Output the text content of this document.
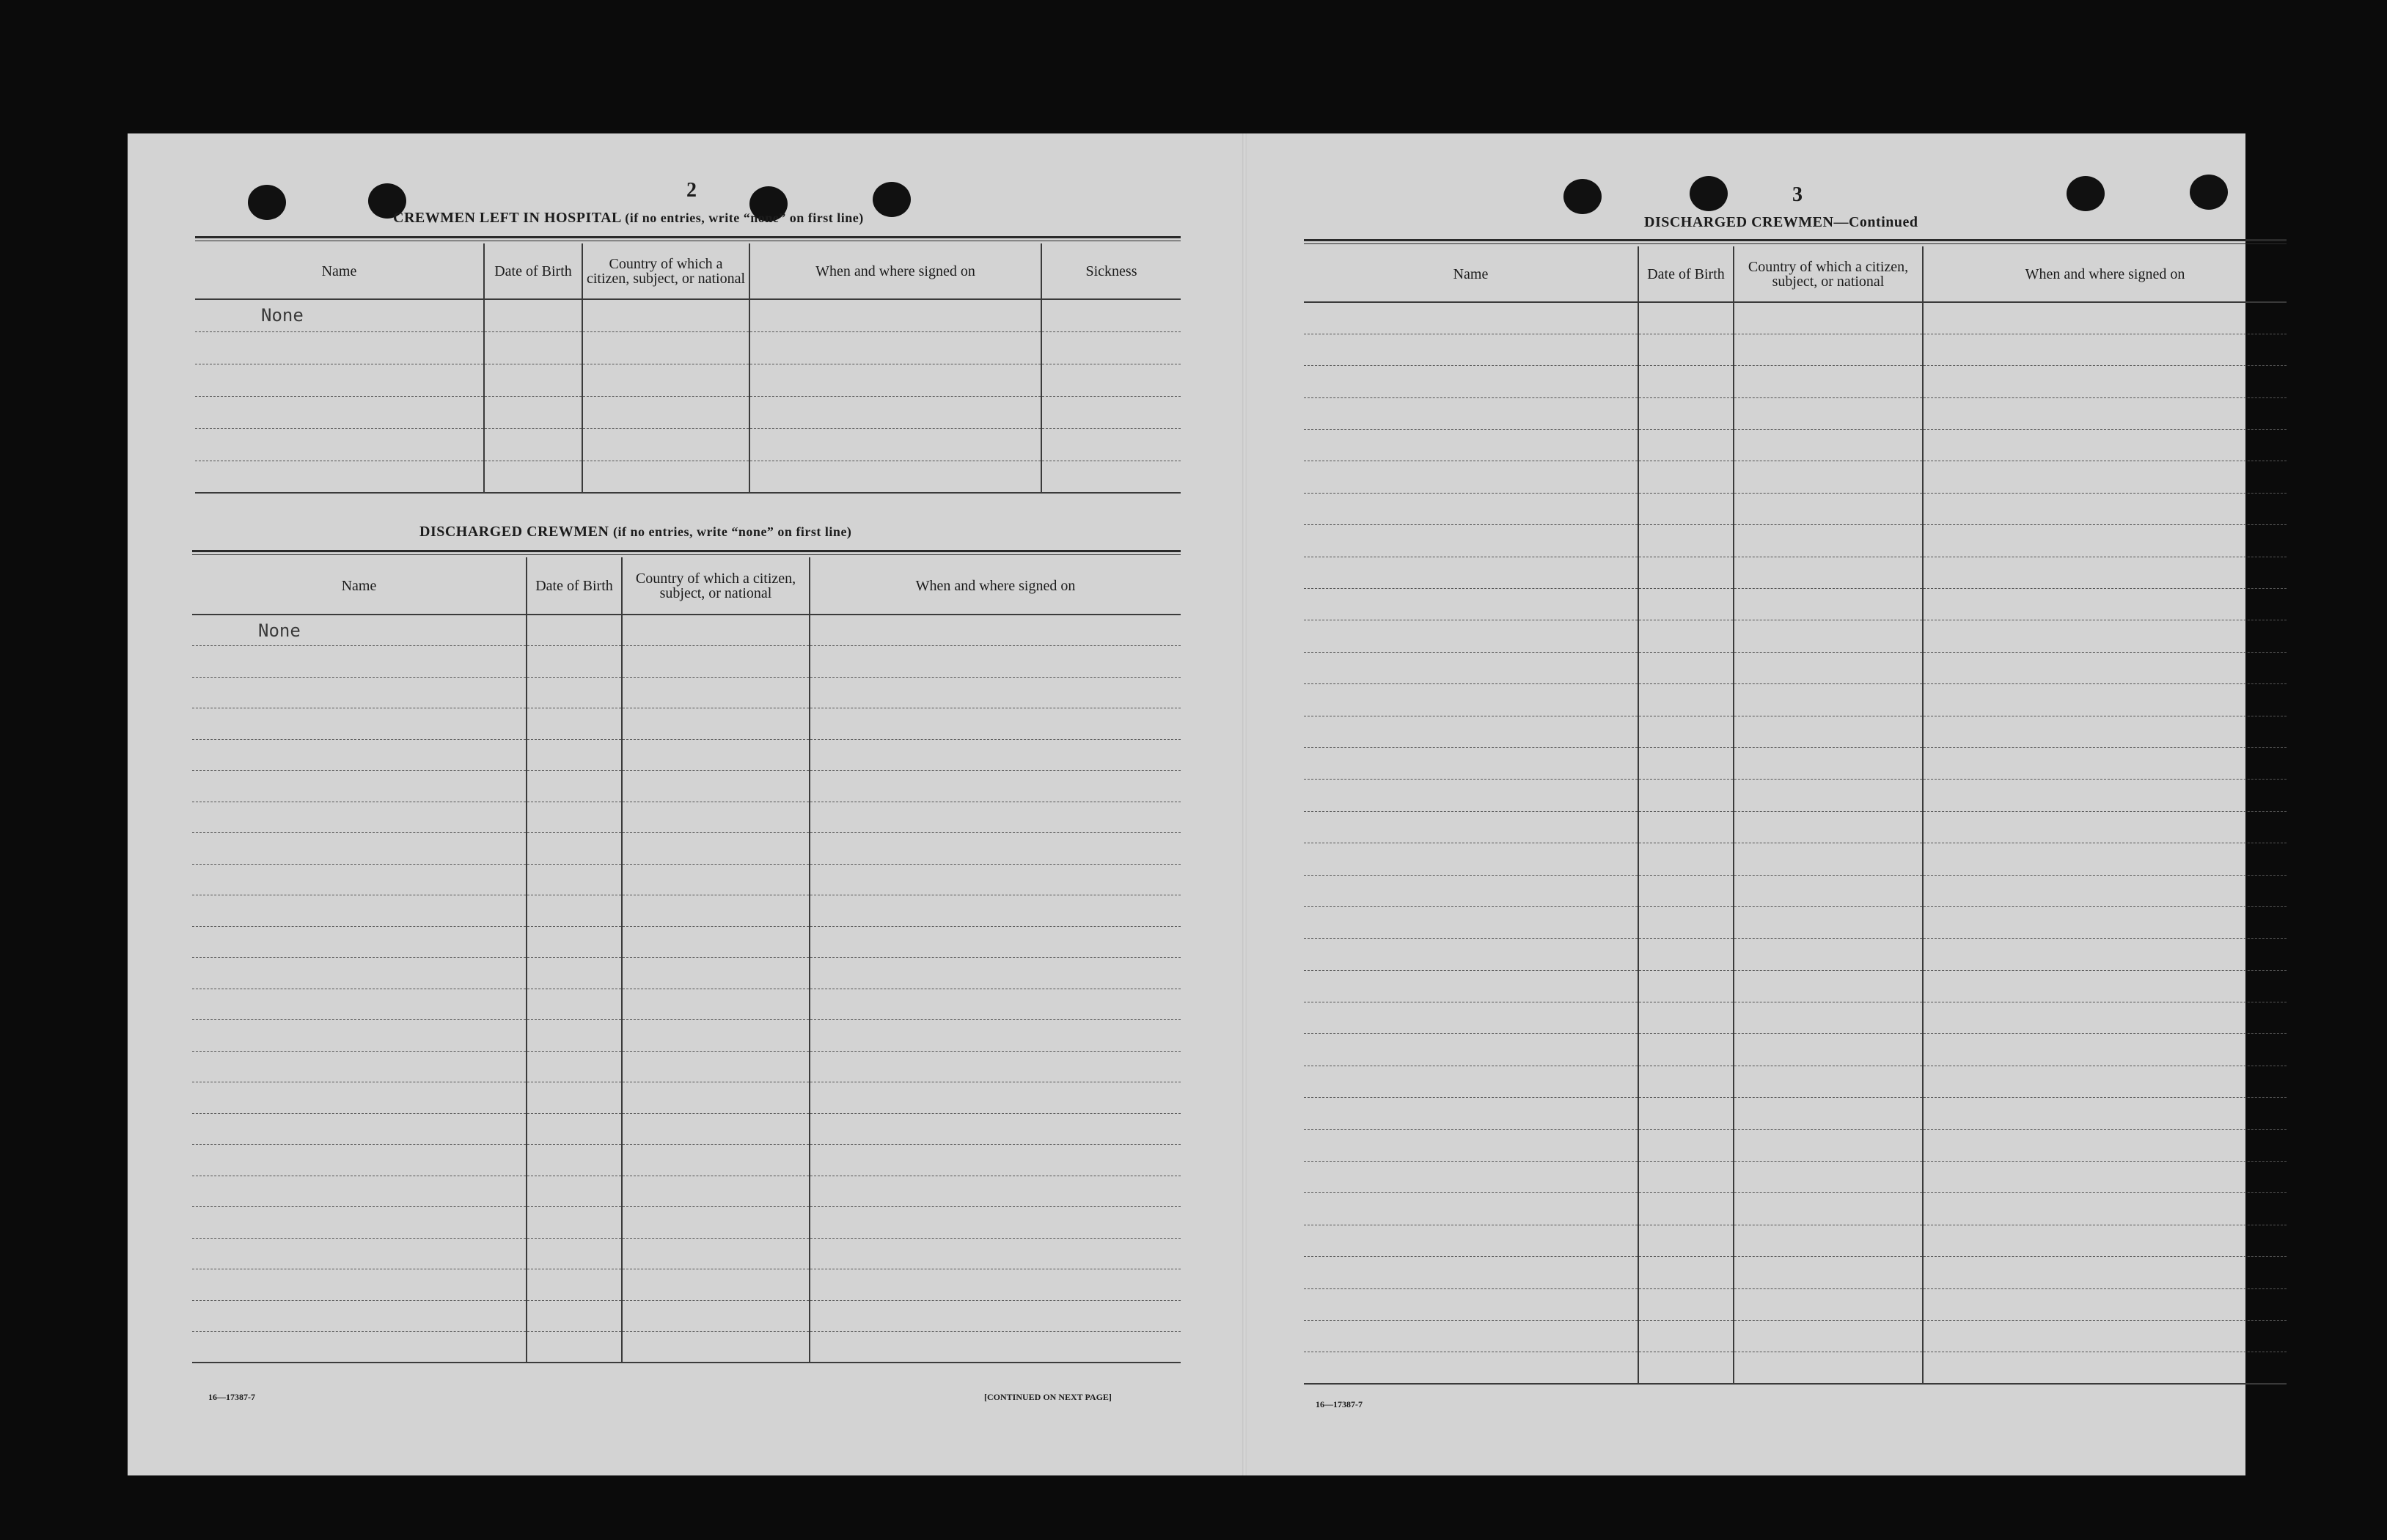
2
CREWMEN LEFT IN HOSPITAL (if no entries, write “none” on first line)
Name	Date of Birth	Country of which a citizen, subject, or national	When and where signed on	Sickness
None				

DISCHARGED CREWMEN (if no entries, write “none” on first line)
Name	Date of Birth	Country of which a citizen, subject, or national	When and where signed on
None			

16—17387-7	[CONTINUED ON NEXT PAGE]
3
DISCHARGED CREWMEN—Continued
Name	Date of Birth	Country of which a citizen, subject, or national	When and where signed on

16—17387-7
